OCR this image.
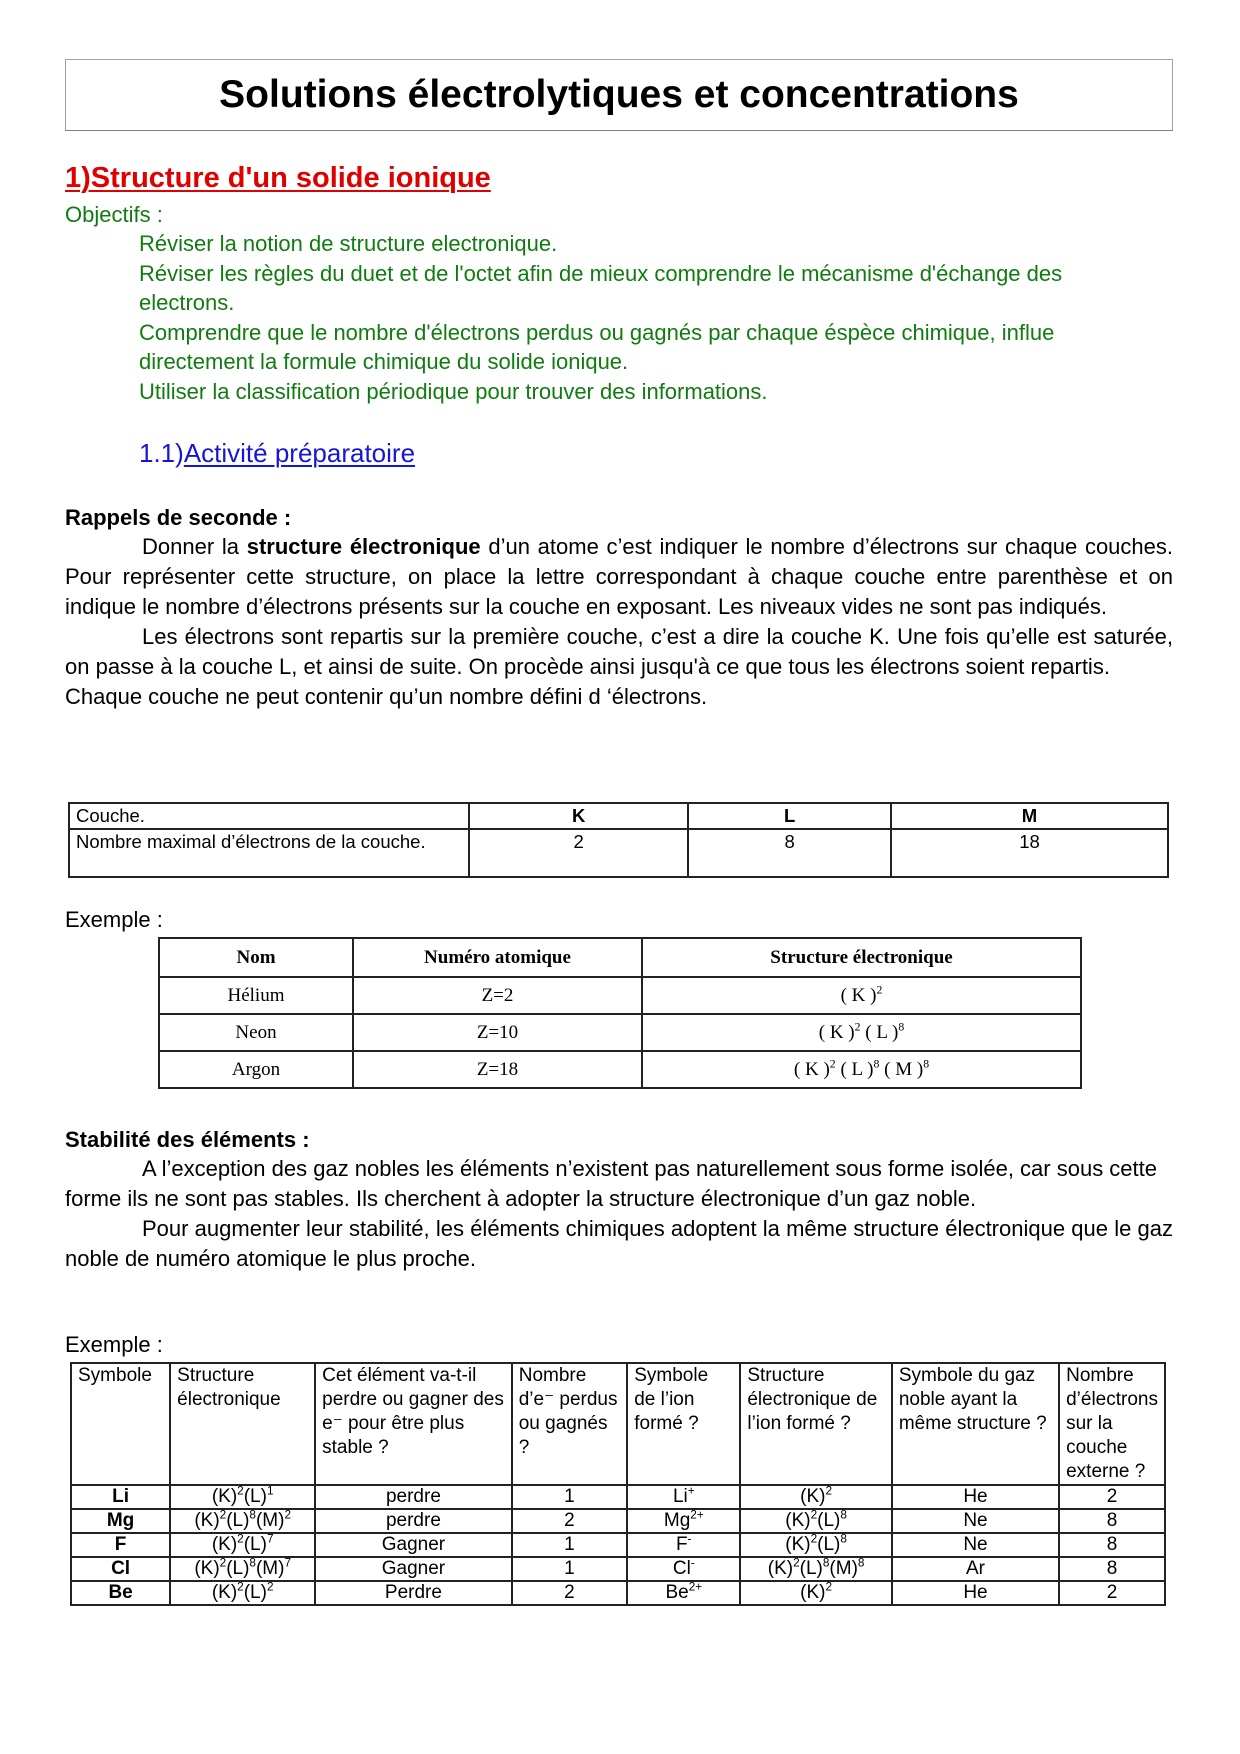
Solutions électrolytiques et concentrations
1)Structure d'un solide ionique
Objectifs :
Réviser la notion de structure electronique.
Réviser les règles du duet et de l'octet afin de mieux comprendre le mécanisme d'échange des electrons.
Comprendre que le nombre d'électrons perdus ou gagnés par chaque éspèce chimique, influe directement la formule chimique du solide ionique.
Utiliser la classification périodique pour trouver des informations.
1.1)Activité préparatoire
Rappels de seconde :

Donner la structure électronique d’un atome c’est indiquer le nombre d’électrons sur chaque couches. Pour représenter cette structure, on place la lettre correspondant à chaque couche entre parenthèse et on indique le nombre d’électrons présents sur la couche en exposant. Les niveaux vides ne sont pas indiqués.

Les électrons sont repartis sur la première couche, c’est a dire la couche K. Une fois qu’elle est saturée, on passe à la couche L, et ainsi de suite. On procède ainsi jusqu'à ce que tous les électrons soient repartis.

Chaque couche ne peut contenir qu’un nombre défini d ‘électrons.

Couche.	K	L	M
Nombre maximal d’électrons de la couche.	2	8	18

Exemple :

Nom	Numéro atomique	Structure électronique
Hélium	Z=2	( K )$^2$
Neon	Z=10	( K )$^2$ ( L )$^8$
Argon	Z=18	( K )$^2$ ( L )$^8$ ( M )$^8$
Stabilité des éléments :

A l’exception des gaz nobles les éléments n’existent pas naturellement sous forme isolée, car sous cette forme ils ne sont pas stables. Ils cherchent à adopter la structure électronique d’un gaz noble.

Pour augmenter leur stabilité, les éléments chimiques adoptent la même structure électronique que le gaz noble de numéro atomique le plus proche.

Exemple :

Symbole	Structure électronique	Cet élément va-t-il perdre ou gagner des e⁻ pour être plus stable ?	Nombre d’e⁻ perdus ou gagnés ?	Symbole de l’ion formé ?	Structure électronique de l’ion formé ?	Symbole du gaz noble ayant la même structure ?	Nombre d’électrons sur la couche externe ?
Li	$(K)^2(L)^1$	perdre	1	Li+	$(K)^2$	He	2
Mg	$(K)^2(L)^8(M)^2$	perdre	2	$Mg^{2+}$	$(K)^2(L)^8$	Ne	8
F	$(K)^2(L)^7$	Gagner	1	F-	$(K)^2(L)^8$	Ne	8
Cl	$(K)^2(L)^8(M)^7$	Gagner	1	Cl-	$(K)^2(L)^8(M)^8$	Ar	8
Be	$(K)^2(L)^2$	Perdre	2	$Be^{2+}$	$(K)^2$	He	2
